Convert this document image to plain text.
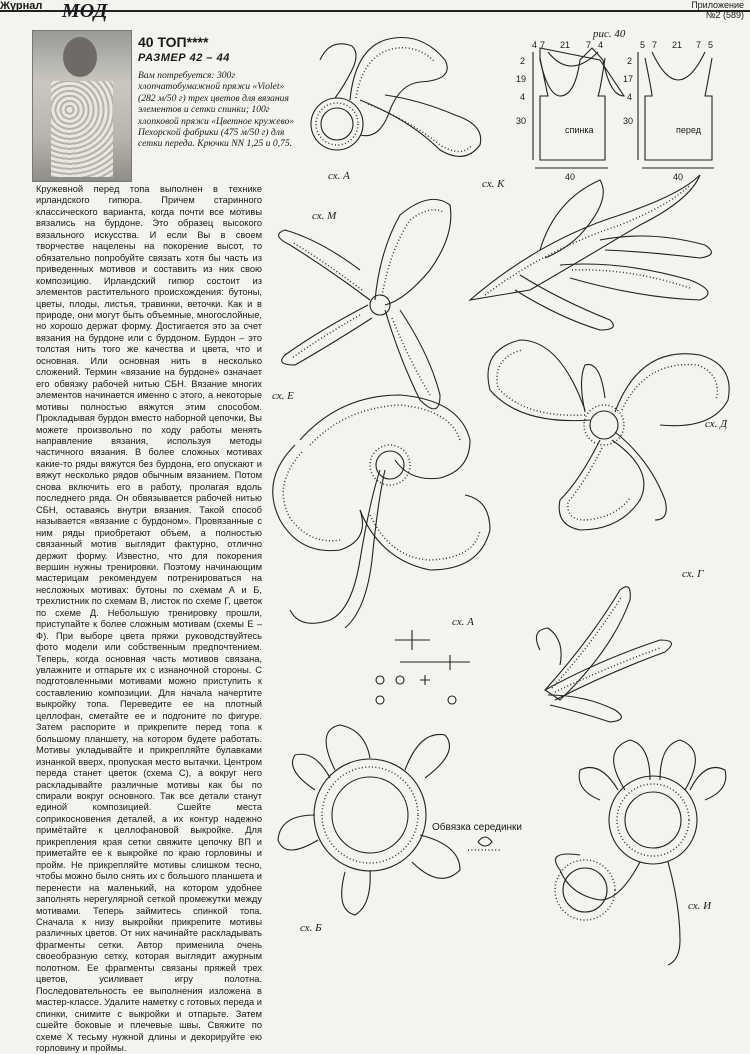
Журнал МОД	Приложение
№2 (589)
40 ТОП****
РАЗМЕР 42 – 44
Вам потребуется: 300г хлопчатобумажной пряжи «Violet» (282 м/50 г) трех цветов для вязания элементов и сетки спинки; 100г хлопковой пряжи «Цветное кружево» Пехорской фабрики (475 м/50 г) для сетки переда. Крючки NN 1,25 и 0,75.
Кружевной перед топа выполнен в технике ирландского гипюра. Причем старинного классического варианта, когда почти все мотивы вязались на бурдоне. Это образец высокого вязального искусства. И если Вы в своем творчестве нацелены на покорение высот, то обязательно попробуйте связать хотя бы часть из приведенных мотивов и составить из них свою композицию. Ирландский гипюр состоит из элементов растительного происхождения: бутоны, цветы, плоды, листья, травинки, веточки. Как и в природе, они могут быть объемные, многослойные, но хорошо держат форму. Достигается это за счет вязания на бурдоне или с бурдоном. Бурдон – это толстая нить того же качества и цвета, что и основная. Или основная нить в несколько сложений. Термин «вязание на бурдоне» означает его обвязку рабочей нитью СБН. Вязание многих элементов начинается именно с этого, а некоторые мотивы полностью вяжутся этим способом. Прокладывая бурдон вместо наборной цепочки, Вы можете произвольно по ходу работы менять направление вязания, используя методы частичного вязания. В более сложных мотивах какие-то ряды вяжутся без бурдона, его опускают и вяжут несколько рядов обычным вязанием. Потом снова включить его в работу, пролагая вдоль последнего ряда. Он обвязывается рабочей нитью СБН, оставаясь внутри вязания. Такой способ называется «вязание с бурдоном». Провязанные с ним ряды приобретают объем, а полностью связанный мотив выглядит фактурно, отлично держит форму. Известно, что для покорения вершин нужны тренировки. Поэтому начинающим мастерицам рекомендуем потренироваться на несложных мотивах: бутоны по схемам А и Б, трехлистник по схемам В, листок по схеме Г, цветок по схеме Д. Небольшую тренировку прошли, приступайте к более сложным мотивам (схемы Е – Ф). При выборе цвета пряжи руководствуйтесь фото модели или собственным предпочтением. Теперь, когда основная часть мотивов связана, увлажните и отпарьте их с изнаночной стороны. С подготовленными мотивами можно приступить к составлению композиции. Для начала начертите выкройку топа. Переведите ее на плотный целлофан, сметайте ее и подгоните по фигуре. Затем распорите и прикрепите перед топа к большому планшету, на котором будете работать. Мотивы укладывайте и прикрепляйте булавками изнанкой вверх, пропуская место вытачки. Центром переда станет цветок (схема С), а вокруг него раскладывайте различные мотивы как бы по спирали вокруг основного. Так все детали станут единой композицией. Сшейте места соприкосновения деталей, а их контур надежно примётайте к целлофановой выкройке. Для прикрепления края сетки свяжите цепочку ВП и приметайте ее к выкройке по краю горловины и пройм. Не прикрепляйте мотивы слишком тесно, чтобы можно было снять их с большого планшета и перенести на маленький, на котором удобнее заполнять нерегулярной сеткой промежутки между мотивами. Теперь займитесь спинкой топа. Сначала к низу выкройки прикрепите мотивы различных цветов. От них начинайте раскладывать фрагменты сетки. Автор применила очень своеобразную сетку, которая выглядит ажурным полотном. Ее фрагменты связаны пряжей трех цветов, усиливает игру полотна. Последовательность ее выполнения изложена в мастер-классе. Удалите наметку с готовых переда и спинки, снимите с выкройки и отпарьте. Затем сшейте боковые и плечевые швы. Свяжите по схеме Х тесьму нужной длины и декорируйте ею горловину и проймы.
рис. 40
спинка	перед
4 7 21 7 4	5 7 21 7 5
2
19
4
30
2
17
4
30
40	40
сх. А
сх. К
сх. М
сх. Е
сх. Д
сх. Г
сх. А
сх. Б
сх. И
Обвязка серединки
